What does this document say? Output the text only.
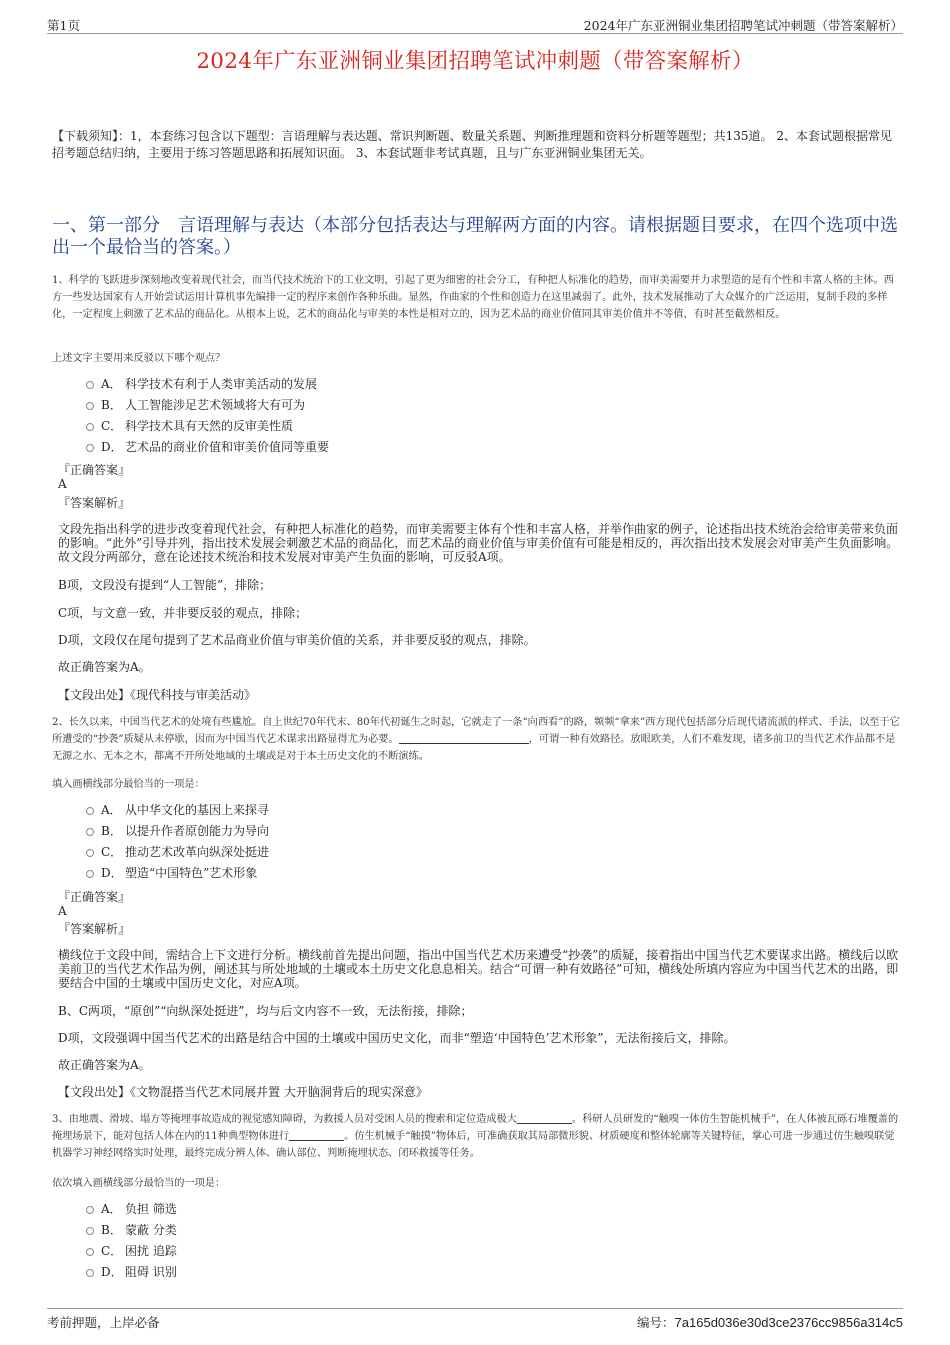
第1页	2024年广东亚洲铜业集团招聘笔试冲刺题（带答案解析）
2024年广东亚洲铜业集团招聘笔试冲刺题（带答案解析）
【下载须知】：1，本套练习包含以下题型：言语理解与表达题、常识判断题、数量关系题、判断推理题和资料分析题等题型；共135道。 2、本套试题根据常见招考题总结归纳，主要用于练习答题思路和拓展知识面。 3、本套试题非考试真题，且与广东亚洲铜业集团无关。
一、第一部分　言语理解与表达（本部分包括表达与理解两方面的内容。请根据题目要求，在四个选项中选出一个最恰当的答案。）
1、科学的飞跃进步深刻地改变着现代社会，而当代技术统治下的工业文明，引起了更为细密的社会分工，有种把人标准化的趋势，而审美需要并力求塑造的是有个性和丰富人格的主体。西方一些发达国家有人开始尝试运用计算机事先编排一定的程序来创作各种乐曲。显然，作曲家的个性和创造力在这里减弱了。此外，技术发展推动了大众媒介的广泛运用，复制手段的多样化，一定程度上刺激了艺术品的商品化。从根本上说，艺术的商品化与审美的本性是相对立的，因为艺术品的商业价值同其审美价值并不等值，有时甚至截然相反。
上述文字主要用来反驳以下哪个观点？
A． 科学技术有利于人类审美活动的发展
B． 人工智能涉足艺术领域将大有可为
C． 科学技术具有天然的反审美性质
D． 艺术品的商业价值和审美价值同等重要
『正确答案』
A
『答案解析』
文段先指出科学的进步改变着现代社会，有种把人标准化的趋势，而审美需要主体有个性和丰富人格，并举作曲家的例子，论述指出技术统治会给审美带来负面的影响。“此外”引导并列，指出技术发展会刺激艺术品的商品化，而艺术品的商业价值与审美价值有可能是相反的，再次指出技术发展会对审美产生负面影响。故文段分两部分，意在论述技术统治和技术发展对审美产生负面的影响，可反驳A项。
B项，文段没有提到“人工智能”，排除；
C项，与文意一致，并非要反驳的观点，排除；
D项，文段仅在尾句提到了艺术品商业价值与审美价值的关系，并非要反驳的观点，排除。
故正确答案为A。
【文段出处】《现代科技与审美活动》
2、长久以来，中国当代艺术的处境有些尴尬。自上世纪70年代末、80年代初诞生之时起，它就走了一条“向西看”的路，频频“拿来”西方现代包括部分后现代诸流派的样式、手法，以至于它所遭受的“抄袭”质疑从未停歇，因而为中国当代艺术谋求出路显得尤为必要。	，可谓一种有效路径。放眼欧美，人们不难发现，诸多前卫的当代艺术作品都不是无源之水、无本之木，都离不开所处地域的土壤或是对于本土历史文化的不断演练。
填入画横线部分最恰当的一项是：
A． 从中华文化的基因上来探寻
B． 以提升作者原创能力为导向
C． 推动艺术改革向纵深处挺进
D． 塑造“中国特色”艺术形象
『正确答案』
A
『答案解析』
横线位于文段中间，需结合上下文进行分析。横线前首先提出问题，指出中国当代艺术历来遭受“抄袭”的质疑，接着指出中国当代艺术要谋求出路。横线后以欧美前卫的当代艺术作品为例，阐述其与所处地域的土壤或本土历史文化息息相关。结合“可谓一种有效路径”可知，横线处所填内容应为中国当代艺术的出路，即要结合中国的土壤或中国历史文化，对应A项。
B、C两项，“原创”“向纵深处挺进”，均与后文内容不一致，无法衔接，排除；
D项，文段强调中国当代艺术的出路是结合中国的土壤或中国历史文化，而非“塑造‘中国特色’艺术形象”，无法衔接后文，排除。
故正确答案为A。
【文段出处】《文物混搭当代艺术同展并置 大开脑洞背后的现实深意》
3、由地震、滑坡、塌方等掩埋事故造成的视觉感知障碍，为救援人员对受困人员的搜索和定位造成极大	。科研人员研发的“触嗅一体仿生智能机械手”，在人体被瓦砾石堆覆盖的掩埋场景下，能对包括人体在内的11种典型物体进行	。仿生机械手“触摸”物体后，可准确获取其局部微形貌、材质硬度和整体轮廓等关键特征，掌心可进一步通过仿生触嗅联觉机器学习神经网络实时处理，最终完成分辨人体、确认部位、判断掩埋状态、闭环救援等任务。
依次填入画横线部分最恰当的一项是：
A． 负担 筛选
B． 蒙蔽 分类
C． 困扰 追踪
D． 阻碍 识别
考前押题，上岸必备	编号：7a165d036e30d3ce2376cc9856a314c5
